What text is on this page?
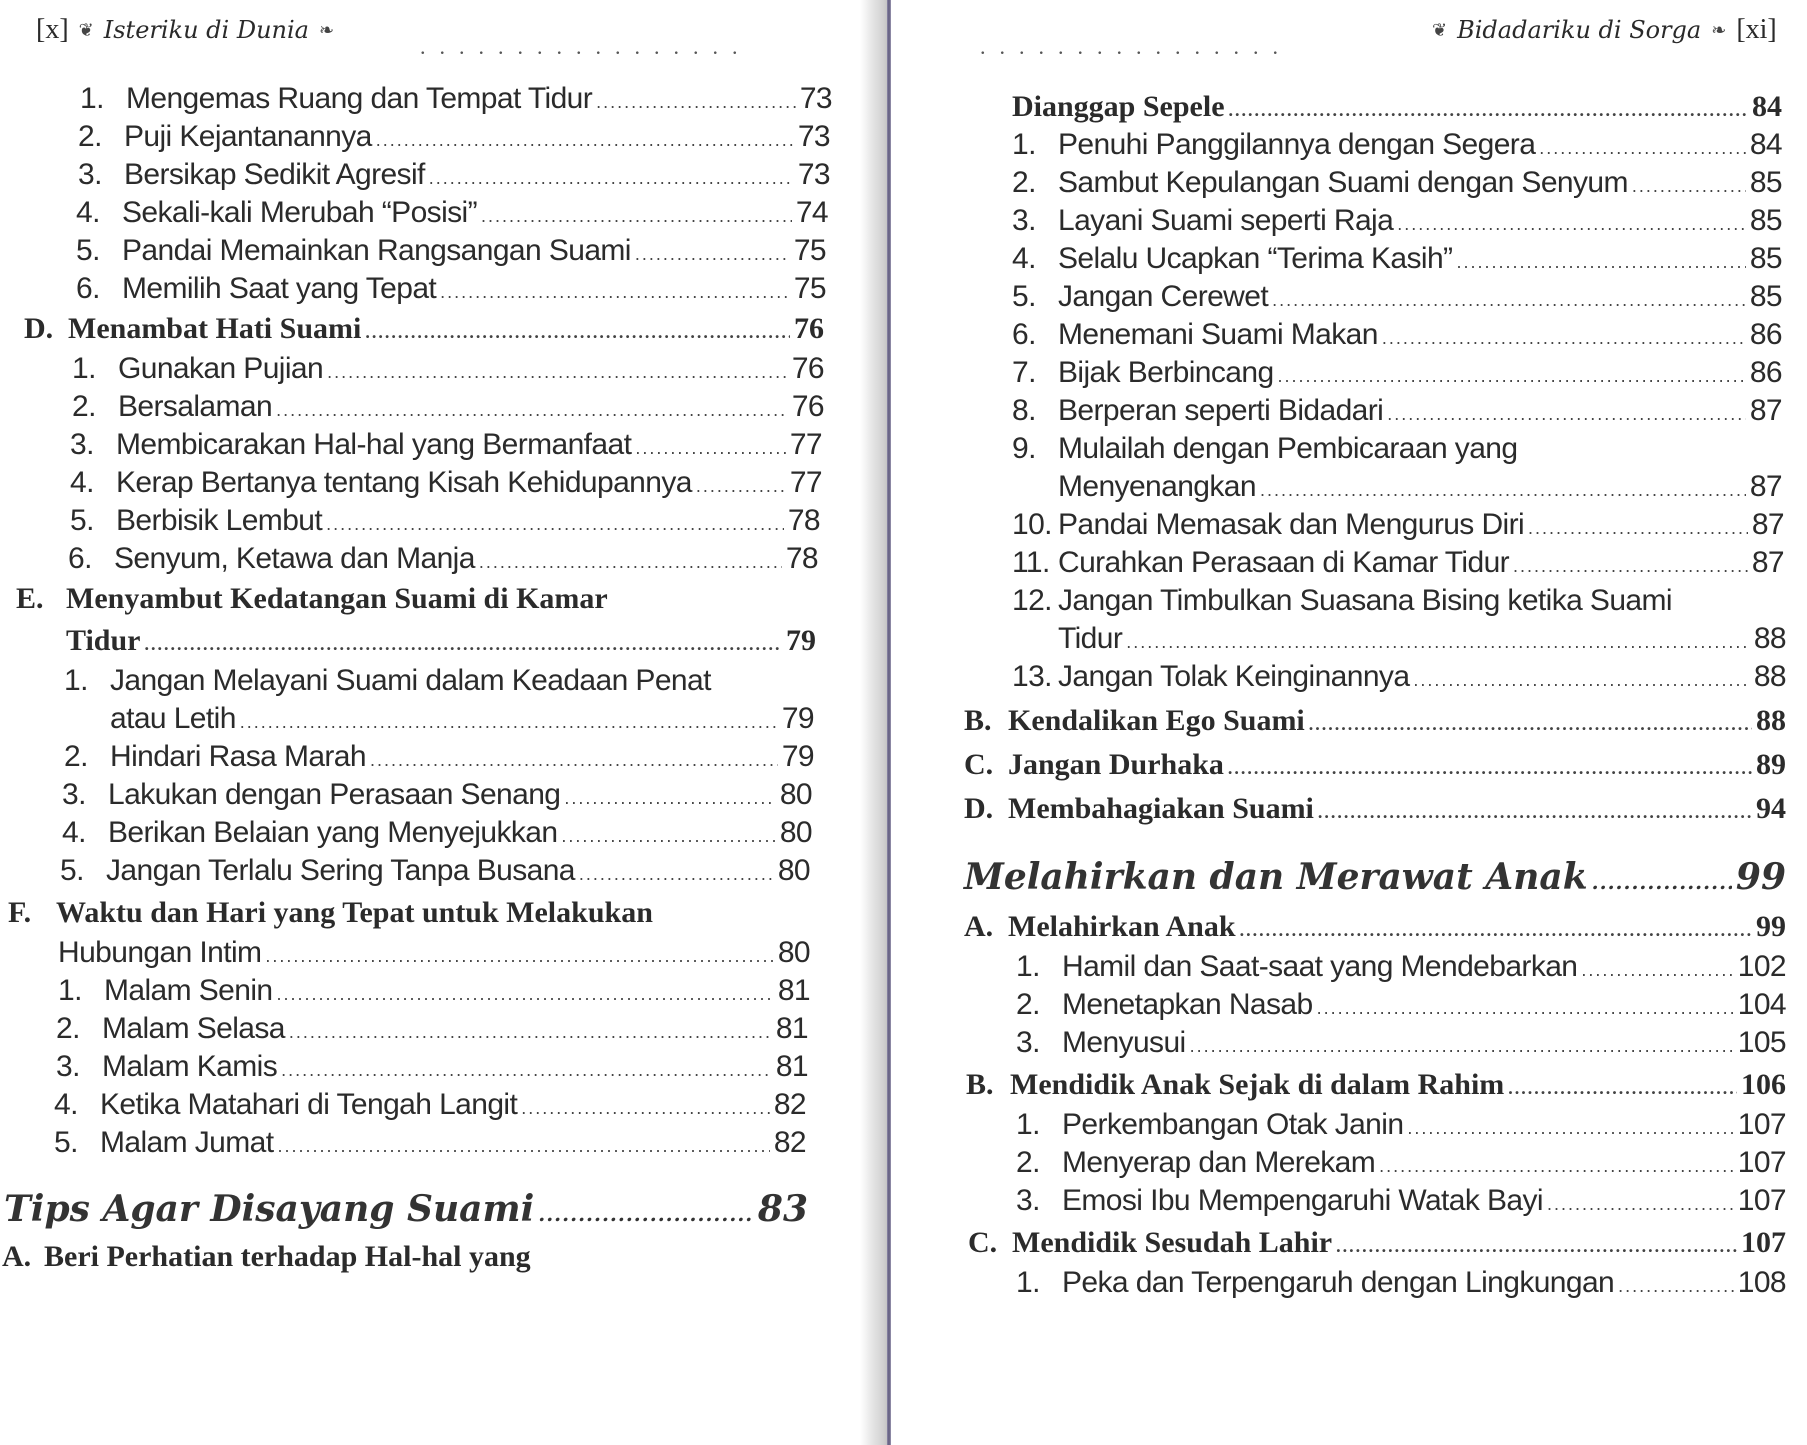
[x] ❦ Isteriku di Dunia ❧
.................
1. Mengemas Ruang dan Tempat Tidur .....	73
2. Puji Kejantanannya .....	73
3. Bersikap Sedikit Agresif .....	73
4. Sekali-kali Merubah “Posisi” .....	74
5. Pandai Memainkan Rangsangan Suami .....	75
6. Memilih Saat yang Tepat .....	75
D. Menambat Hati Suami .....	76
1. Gunakan Pujian .....	76
2. Bersalaman .....	76
3. Membicarakan Hal-hal yang Bermanfaat .....	77
4. Kerap Bertanya tentang Kisah Kehidupannya .....	77
5. Berbisik Lembut .....	78
6. Senyum, Ketawa dan Manja .....	78
E. Menyambut Kedatangan Suami di Kamar
Tidur .....	79
1. Jangan Melayani Suami dalam Keadaan Penat
atau Letih .....	79
2. Hindari Rasa Marah .....	79
3. Lakukan dengan Perasaan Senang .....	80
4. Berikan Belaian yang Menyejukkan .....	80
5. Jangan Terlalu Sering Tanpa Busana .....	80
F. Waktu dan Hari yang Tepat untuk Melakukan
Hubungan Intim .....	80
1. Malam Senin .....	81
2. Malam Selasa .....	81
3. Malam Kamis .....	81
4. Ketika Matahari di Tengah Langit .....	82
5. Malam Jumat .....	82
Tips Agar Disayang Suami .....	83
A. Beri Perhatian terhadap Hal-hal yang
................
❦ Bidadariku di Sorga ❧ [xi]
Dianggap Sepele .....	84
1. Penuhi Panggilannya dengan Segera .....	84
2. Sambut Kepulangan Suami dengan Senyum .....	85
3. Layani Suami seperti Raja .....	85
4. Selalu Ucapkan “Terima Kasih” .....	85
5. Jangan Cerewet .....	85
6. Menemani Suami Makan .....	86
7. Bijak Berbincang .....	86
8. Berperan seperti Bidadari .....	87
9. Mulailah dengan Pembicaraan yang
Menyenangkan .....	87
10. Pandai Memasak dan Mengurus Diri .....	87
11. Curahkan Perasaan di Kamar Tidur .....	87
12. Jangan Timbulkan Suasana Bising ketika Suami
Tidur .....	88
13. Jangan Tolak Keinginannya .....	88
B. Kendalikan Ego Suami .....	88
C. Jangan Durhaka .....	89
D. Membahagiakan Suami .....	94
Melahirkan dan Merawat Anak .....	99
A. Melahirkan Anak .....	99
1. Hamil dan Saat-saat yang Mendebarkan .....	102
2. Menetapkan Nasab .....	104
3. Menyusui .....	105
B. Mendidik Anak Sejak di dalam Rahim .....	106
1. Perkembangan Otak Janin .....	107
2. Menyerap dan Merekam .....	107
3. Emosi Ibu Mempengaruhi Watak Bayi .....	107
C. Mendidik Sesudah Lahir .....	107
1. Peka dan Terpengaruh dengan Lingkungan .....	108
